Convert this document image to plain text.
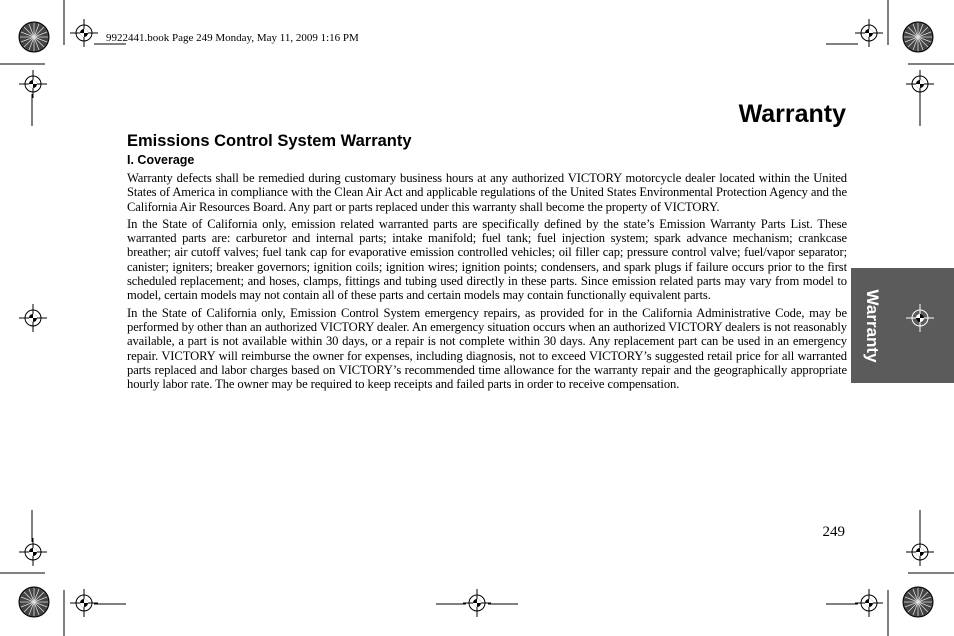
9922441.book Page 249 Monday, May 11, 2009 1:16 PM
Warranty
Emissions Control System Warranty
I. Coverage

Warranty defects shall be remedied during customary business hours at any authorized VICTORY motorcycle dealer located within the United States of America in compliance with the Clean Air Act and applicable regulations of the United States Environmental Protection Agency and the California Air Resources Board. Any part or parts replaced under this warranty shall become the property of VICTORY.

In the State of California only, emission related warranted parts are specifically defined by the state’s Emission Warranty Parts List. These warranted parts are: carburetor and internal parts; intake manifold; fuel tank; fuel injection system; spark advance mechanism; crankcase breather; air cutoff valves; fuel tank cap for evaporative emission controlled vehicles; oil filler cap; pressure control valve; fuel/vapor separator; canister; igniters; breaker governors; ignition coils; ignition wires; ignition points; condensers, and spark plugs if failure occurs prior to the first scheduled replacement; and hoses, clamps, fittings and tubing used directly in these parts. Since emission related parts may vary from model to model, certain models may not contain all of these parts and certain models may contain functionally equivalent parts.

In the State of California only, Emission Control System emergency repairs, as provided for in the California Administrative Code, may be performed by other than an authorized VICTORY dealer. An emergency situation occurs when an authorized VICTORY dealers is not reasonably available, a part is not available within 30 days, or a repair is not complete within 30 days. Any replacement part can be used in an emergency repair. VICTORY will reimburse the owner for expenses, including diagnosis, not to exceed VICTORY’s suggested retail price for all warranted parts replaced and labor charges based on VICTORY’s recommended time allowance for the warranty repair and the geographically appropriate hourly labor rate. The owner may be required to keep receipts and failed parts in order to receive compensation.

Warranty
249
